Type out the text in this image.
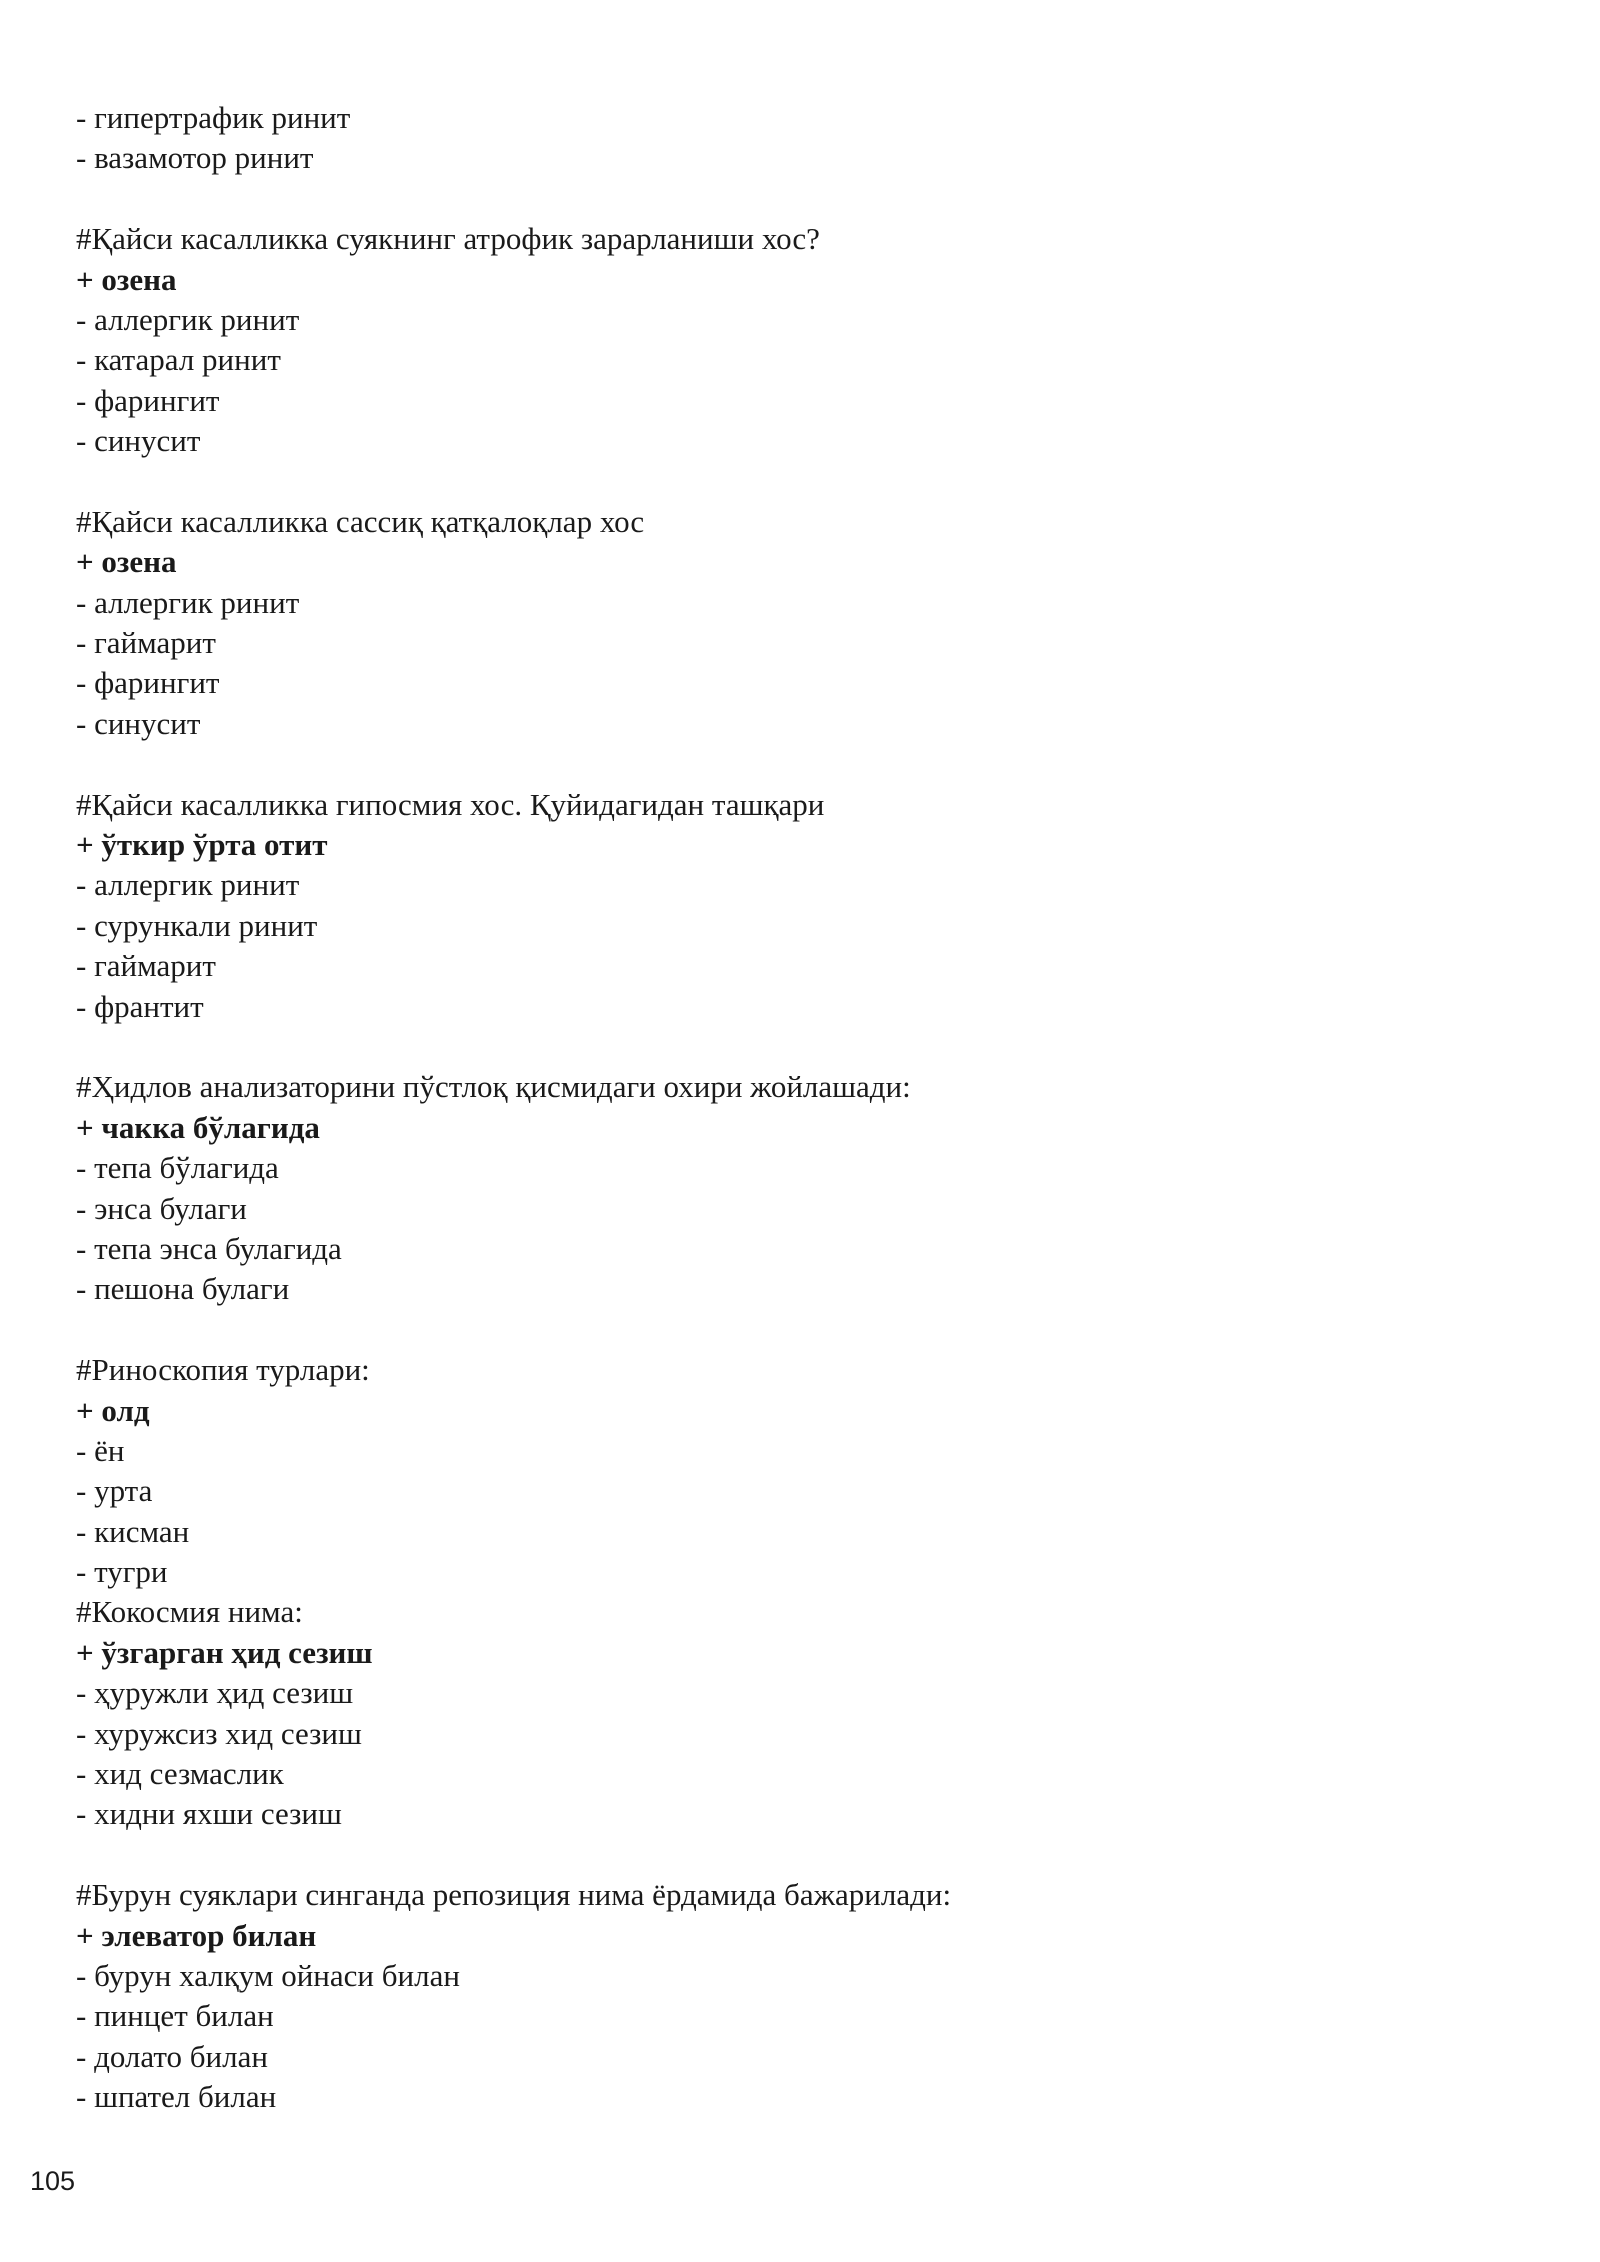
- гипертрафик ринит
- вазамотор ринит
#Қайси касалликка суякнинг атрофик зарарланиши хос?
+ озена
- аллергик ринит
- катарал ринит
- фарингит
- синусит
#Қайси касалликка сассиқ қатқалоқлар хос
+ озена
- аллергик ринит
- гаймарит
- фарингит
- синусит
#Қайси касалликка гипосмия хос. Қуйидагидан ташқари
+ ўткир ўрта отит
- аллергик ринит
- сурункали ринит
- гаймарит
- франтит
#Ҳидлов анализаторини пўстлоқ қисмидаги охири жойлашади:
+ чакка бўлагида
- тепа бўлагида
- энса булаги
- тепа энса булагида
- пешона булаги
#Риноскопия турлари:
+ олд
- ён
- урта
- кисман
- тугри
#Кокосмия нима:
+ ўзгарган ҳид сезиш
- ҳуружли ҳид сезиш
- хуружсиз хид сезиш
- хид сезмаслик
- хидни яхши сезиш
#Бурун суяклари синганда репозиция нима ёрдамида бажарилади:
+ элеватор билан
- бурун халқум ойнаси билан
- пинцет билан
- долато билан
- шпател билан
105
